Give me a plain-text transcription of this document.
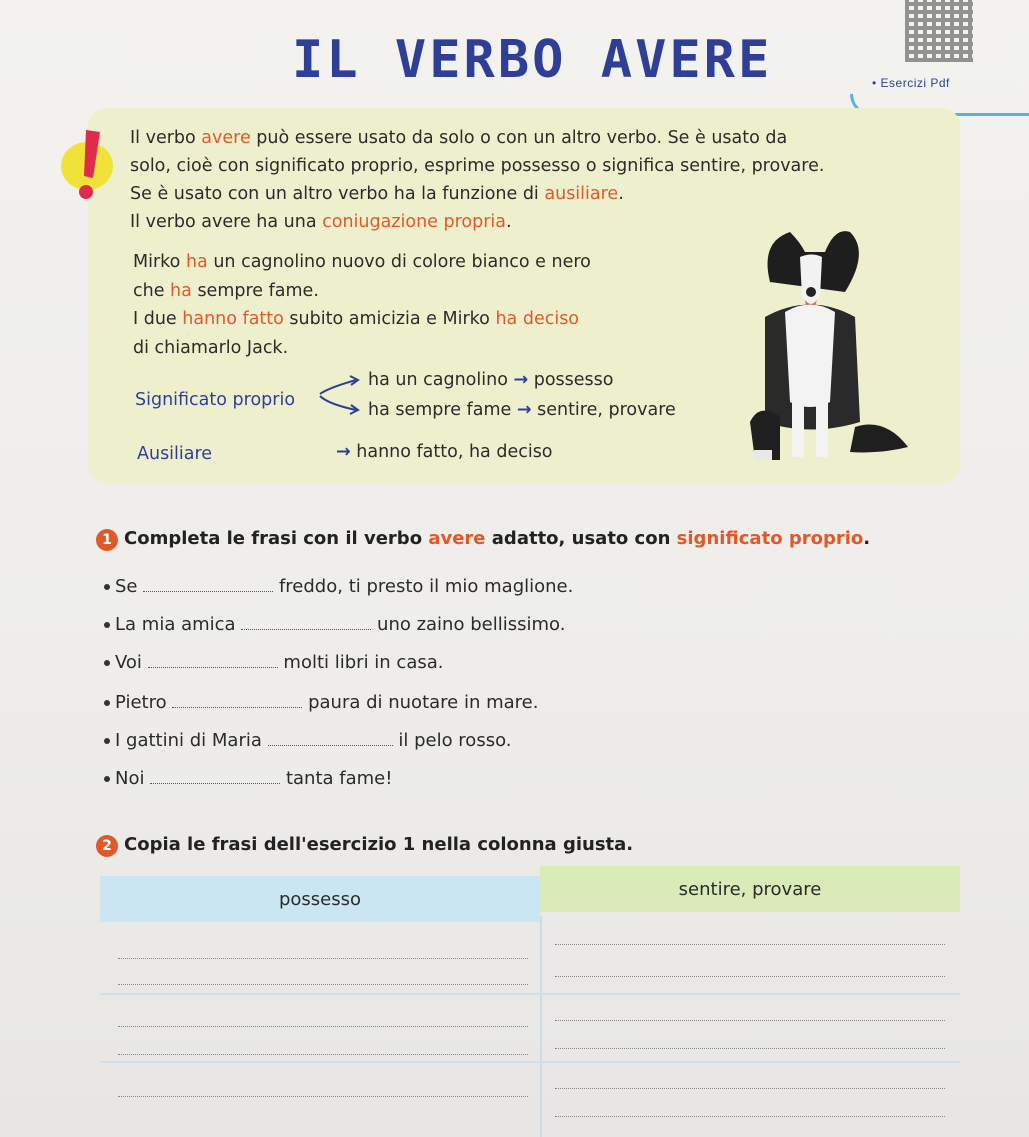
IL VERBO AVERE	• Esercizi Pdf
Il verbo avere può essere usato da solo o con un altro verbo. Se è usato da solo, cioè con significato proprio, esprime possesso o significa sentire, provare. Se è usato con un altro verbo ha la funzione di ausiliare.
Il verbo avere ha una coniugazione propria.
Mirko ha un cagnolino nuovo di colore bianco e nero
che ha sempre fame.
I due hanno fatto subito amicizia e Mirko ha deciso
di chiamarlo Jack.
Significato proprio
ha un cagnolino → possesso
ha sempre fame → sentire, provare
Ausiliare	→ hanno fatto, ha deciso
1 Completa le frasi con il verbo avere adatto, usato con significato proprio.
Se	freddo, ti presto il mio maglione.
La mia amica	uno zaino bellissimo.
Voi	molti libri in casa.
Pietro	paura di nuotare in mare.
I gattini di Maria	il pelo rosso.
Noi	tanta fame!
2 Copia le frasi dell'esercizio 1 nella colonna giusta.
possesso	sentire, provare
